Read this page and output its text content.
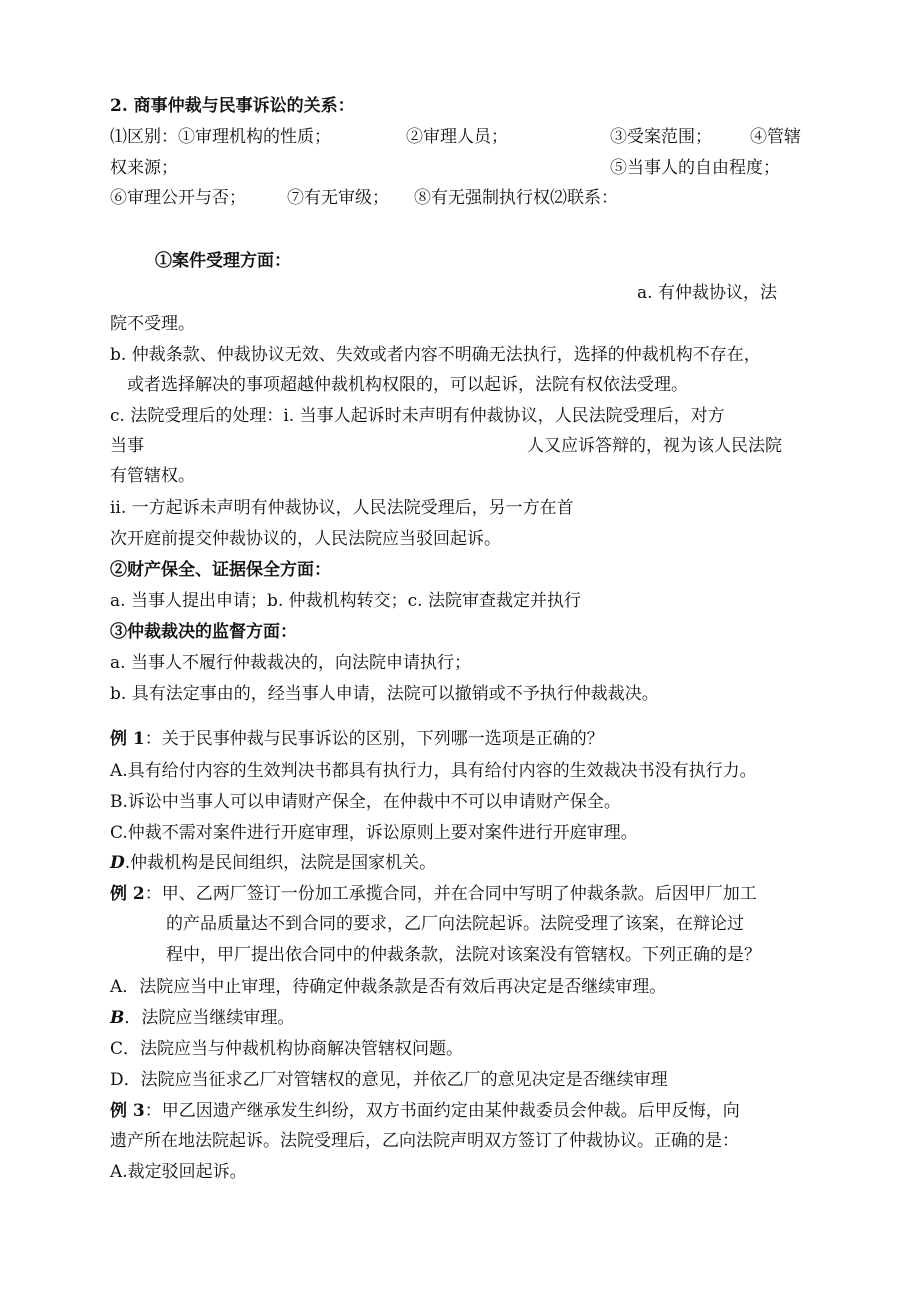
2. 商事仲裁与民事诉讼的关系：
⑴区别：①审理机构的性质；	②审理人员；	③受案范围； ④管辖
权来源；	⑤当事人的自由程度；
⑥审理公开与否； ⑦有无审级； ⑧有无强制执行权⑵联系：
①案件受理方面：
a. 有仲裁协议，法
院不受理。
b. 仲裁条款、仲裁协议无效、失效或者内容不明确无法执行，选择的仲裁机构不存在，
或者选择解决的事项超越仲裁机构权限的，可以起诉，法院有权依法受理。
c. 法院受理后的处理：i. 当事人起诉时未声明有仲裁协议，人民法院受理后，对方
当事	人又应诉答辩的，视为该人民法院
有管辖权。
ii. 一方起诉未声明有仲裁协议，人民法院受理后，另一方在首
次开庭前提交仲裁协议的，人民法院应当驳回起诉。
②财产保全、证据保全方面：
a. 当事人提出申请；b. 仲裁机构转交；c. 法院审查裁定并执行
③仲裁裁决的监督方面：
a. 当事人不履行仲裁裁决的，向法院申请执行；
b. 具有法定事由的，经当事人申请，法院可以撤销或不予执行仲裁裁决。
例 1：关于民事仲裁与民事诉讼的区别，下列哪一选项是正确的？
A.具有给付内容的生效判决书都具有执行力，具有给付内容的生效裁决书没有执行力。
B.诉讼中当事人可以申请财产保全，在仲裁中不可以申请财产保全。
C.仲裁不需对案件进行开庭审理，诉讼原则上要对案件进行开庭审理。
D.仲裁机构是民间组织，法院是国家机关。
例 2：甲、乙两厂签订一份加工承揽合同，并在合同中写明了仲裁条款。后因甲厂加工
的产品质量达不到合同的要求，乙厂向法院起诉。法院受理了该案，在辩论过
程中，甲厂提出依合同中的仲裁条款，法院对该案没有管辖权。下列正确的是？
A．法院应当中止审理，待确定仲裁条款是否有效后再决定是否继续审理。
B．法院应当继续审理。
C．法院应当与仲裁机构协商解决管辖权问题。
D．法院应当征求乙厂对管辖权的意见，并依乙厂的意见决定是否继续审理
例 3：甲乙因遗产继承发生纠纷，双方书面约定由某仲裁委员会仲裁。后甲反悔，向
遗产所在地法院起诉。法院受理后，乙向法院声明双方签订了仲裁协议。正确的是：
A.裁定驳回起诉。
